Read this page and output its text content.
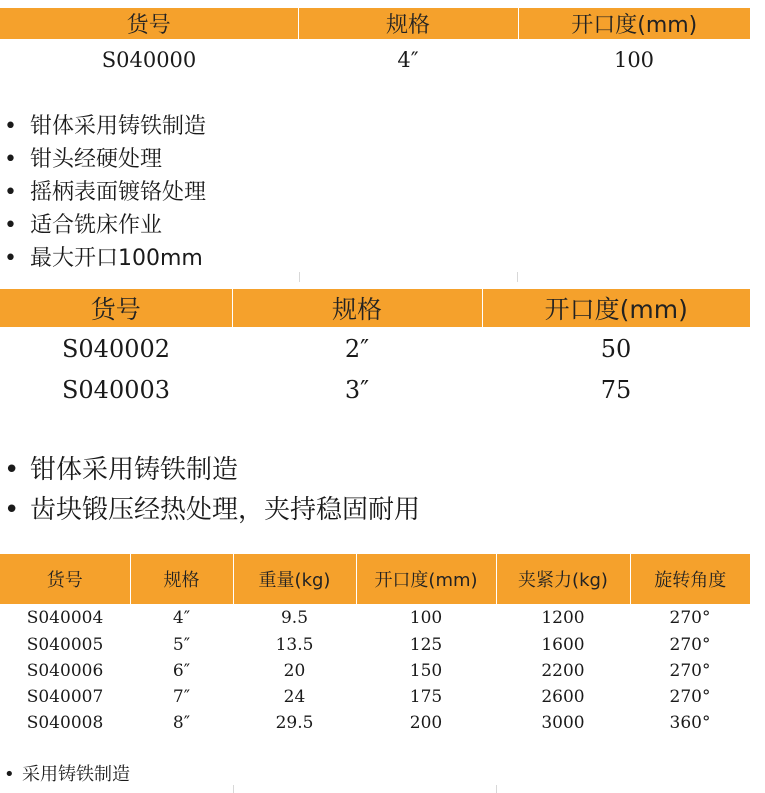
货号	规格	开口度(mm)
S040000	4″	100
• 钳体采用铸铁制造
• 钳头经硬处理
• 摇柄表面镀铬处理
• 适合铣床作业
• 最大开口100mm
货号	规格	开口度(mm)
S040002	2″	50
S040003	3″	75
• 钳体采用铸铁制造
• 齿块锻压经热处理，夹持稳固耐用
货号	规格	重量(kg)	开口度(mm)	夹紧力(kg)	旋转角度
S040004	4″	9.5	100	1200	270°
S040005	5″	13.5	125	1600	270°
S040006	6″	20	150	2200	270°
S040007	7″	24	175	2600	270°
S040008	8″	29.5	200	3000	360°
• 采用铸铁制造
